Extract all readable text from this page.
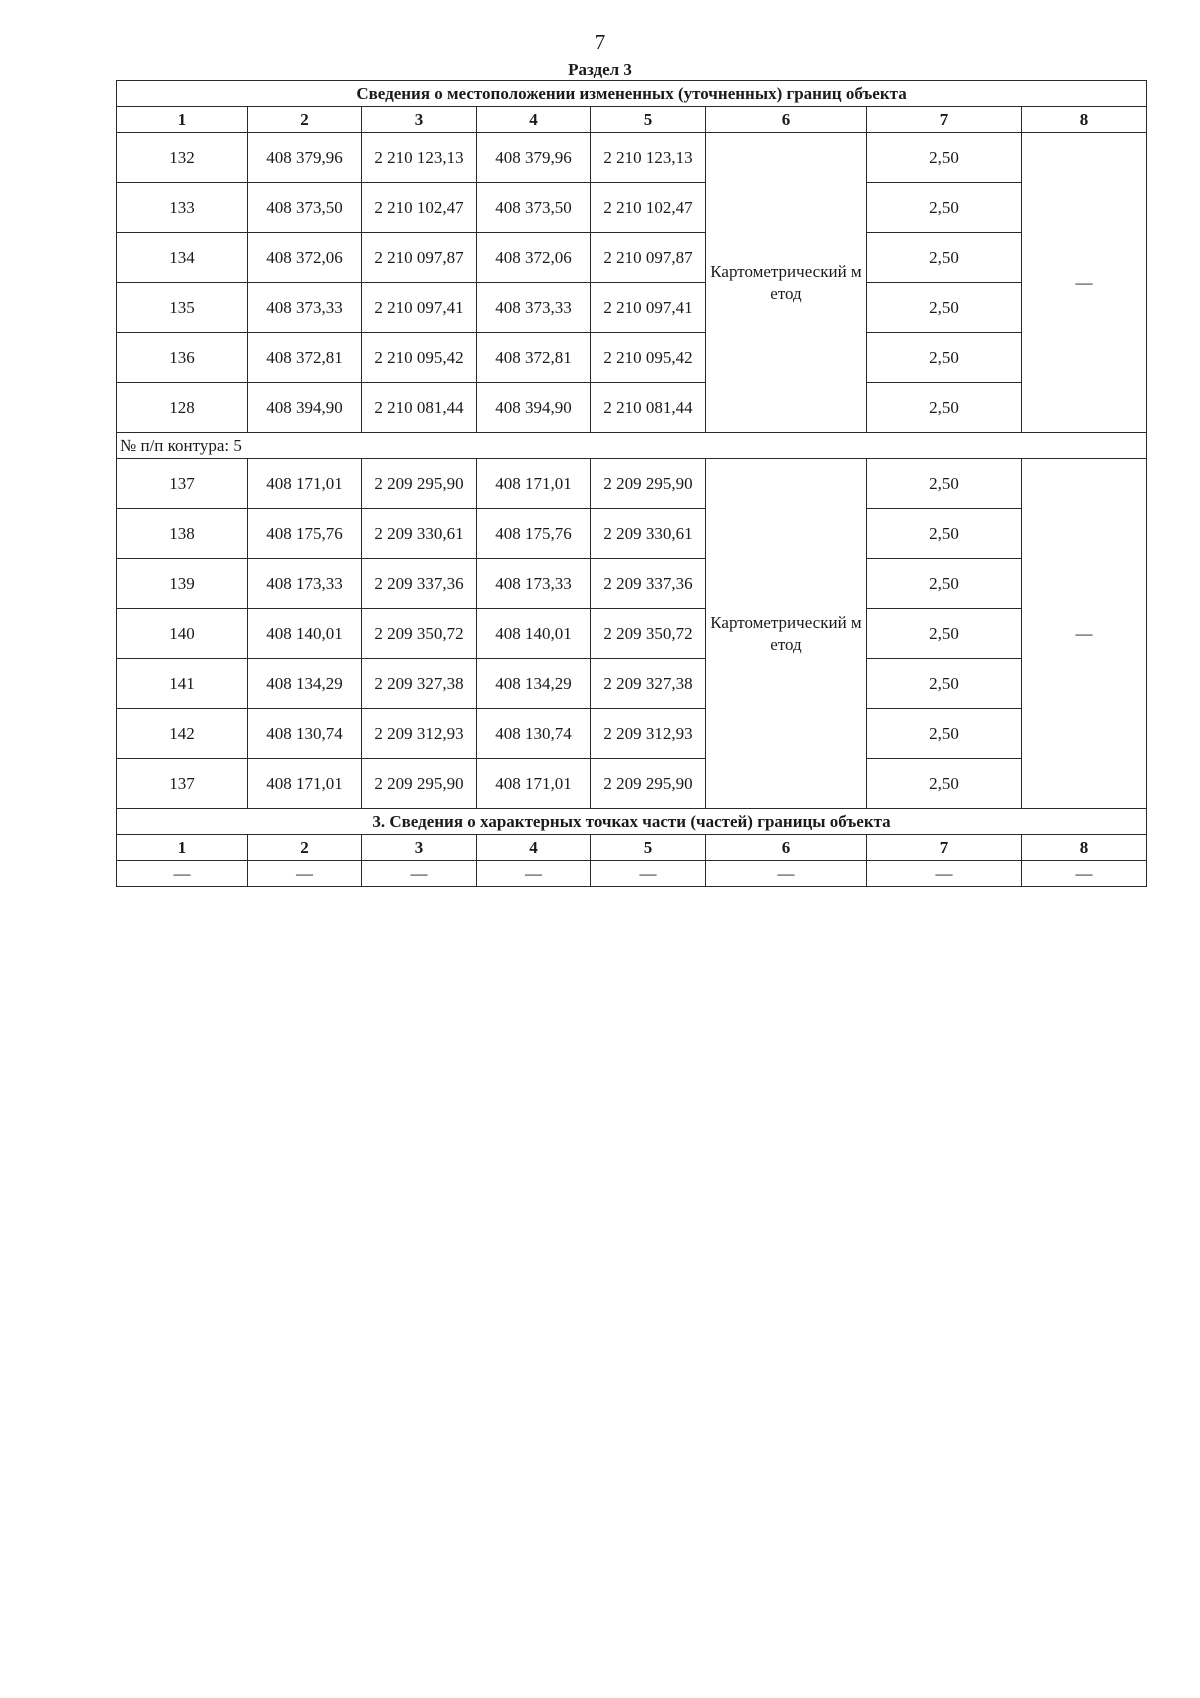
7
Раздел 3
Сведения о местоположении измененных (уточненных) границ объекта							
1	2	3	4	5	6	7	8
132	408 379,96	2 210 123,13	408 379,96	2 210 123,13	Картометрический метод	2,50	—
133	408 373,50	2 210 102,47	408 373,50	2 210 102,47		2,50	
134	408 372,06	2 210 097,87	408 372,06	2 210 097,87		2,50	
135	408 373,33	2 210 097,41	408 373,33	2 210 097,41		2,50	
136	408 372,81	2 210 095,42	408 372,81	2 210 095,42		2,50	
128	408 394,90	2 210 081,44	408 394,90	2 210 081,44		2,50	
№ п/п контура: 5							
137	408 171,01	2 209 295,90	408 171,01	2 209 295,90	Картометрический метод	2,50	—
138	408 175,76	2 209 330,61	408 175,76	2 209 330,61		2,50	
139	408 173,33	2 209 337,36	408 173,33	2 209 337,36		2,50	
140	408 140,01	2 209 350,72	408 140,01	2 209 350,72		2,50	
141	408 134,29	2 209 327,38	408 134,29	2 209 327,38		2,50	
142	408 130,74	2 209 312,93	408 130,74	2 209 312,93		2,50	
137	408 171,01	2 209 295,90	408 171,01	2 209 295,90		2,50	
3. Сведения о характерных точках части (частей) границы объекта							
1	2	3	4	5	6	7	8
—	—	—	—	—	—	—	—
